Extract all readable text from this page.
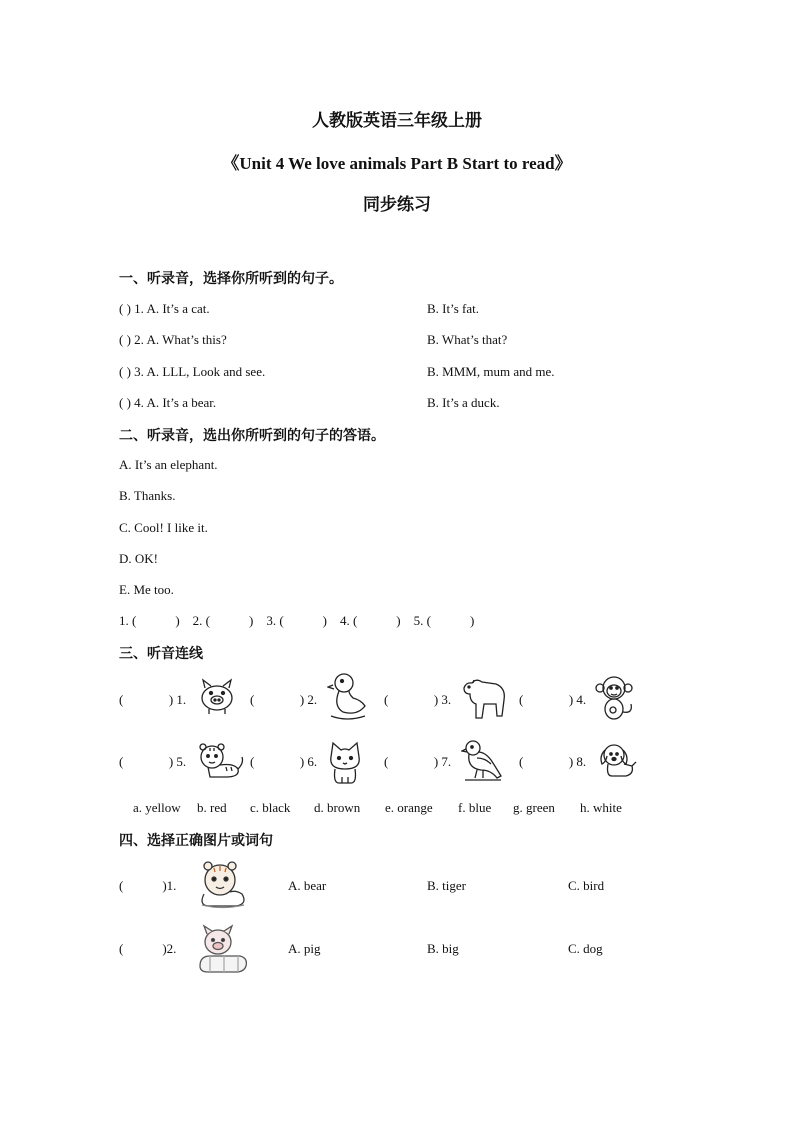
人教版英语三年级上册
《Unit 4 We love animals Part B Start to read》
同步练习
一、听录音，选择你所听到的句子。
( ) 1. A. It’s a cat.	B. It’s fat.
( ) 2. A. What’s this?	B. What’s that?
( ) 3. A. LLL, Look and see.	B. MMM, mum and me.
( ) 4. A. It’s a bear.	B. It’s a duck.
二、听录音，选出你所听到的句子的答语。
A. It’s an elephant.
B. Thanks.
C. Cool! I like it.
D. OK!
E. Me too.
1. (            )    2. (            )    3. (            )    4. (            )    5. (            )
三、听音连线
(              ) 1.	(              ) 2.	(              ) 3.	(              ) 4.
(              ) 5.	(              ) 6.	(              ) 7.	(              ) 8.
a. yellow b. red c. black d. brown e. orange f. blue g. green h. white
四、选择正确图片或词句
(            )1.	A. bear	B. tiger	C. bird
(            )2.	A. pig	B. big	C. dog
